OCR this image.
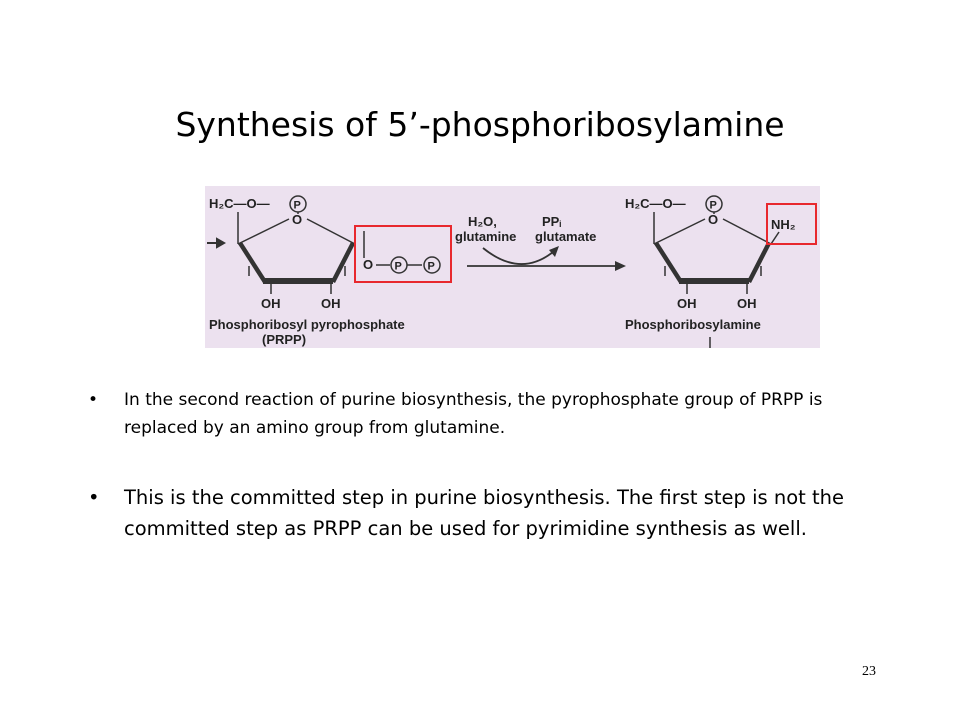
Synthesis of 5’-phosphoribosylamine
H₂C—O— P
O
OH	OH
O P P
Phosphoribosyl pyrophosphate
(PRPP)
H₂O,
glutamine
PPᵢ
glutamate
H₂C—O— P
O	NH₂
OH	OH
Phosphoribosylamine
• In the second reaction of purine biosynthesis, the pyrophosphate group of PRPP is replaced by an amino group from glutamine.
• This is the committed step in purine biosynthesis. The first step is not the committed step as PRPP can be used for pyrimidine synthesis as well.
23
